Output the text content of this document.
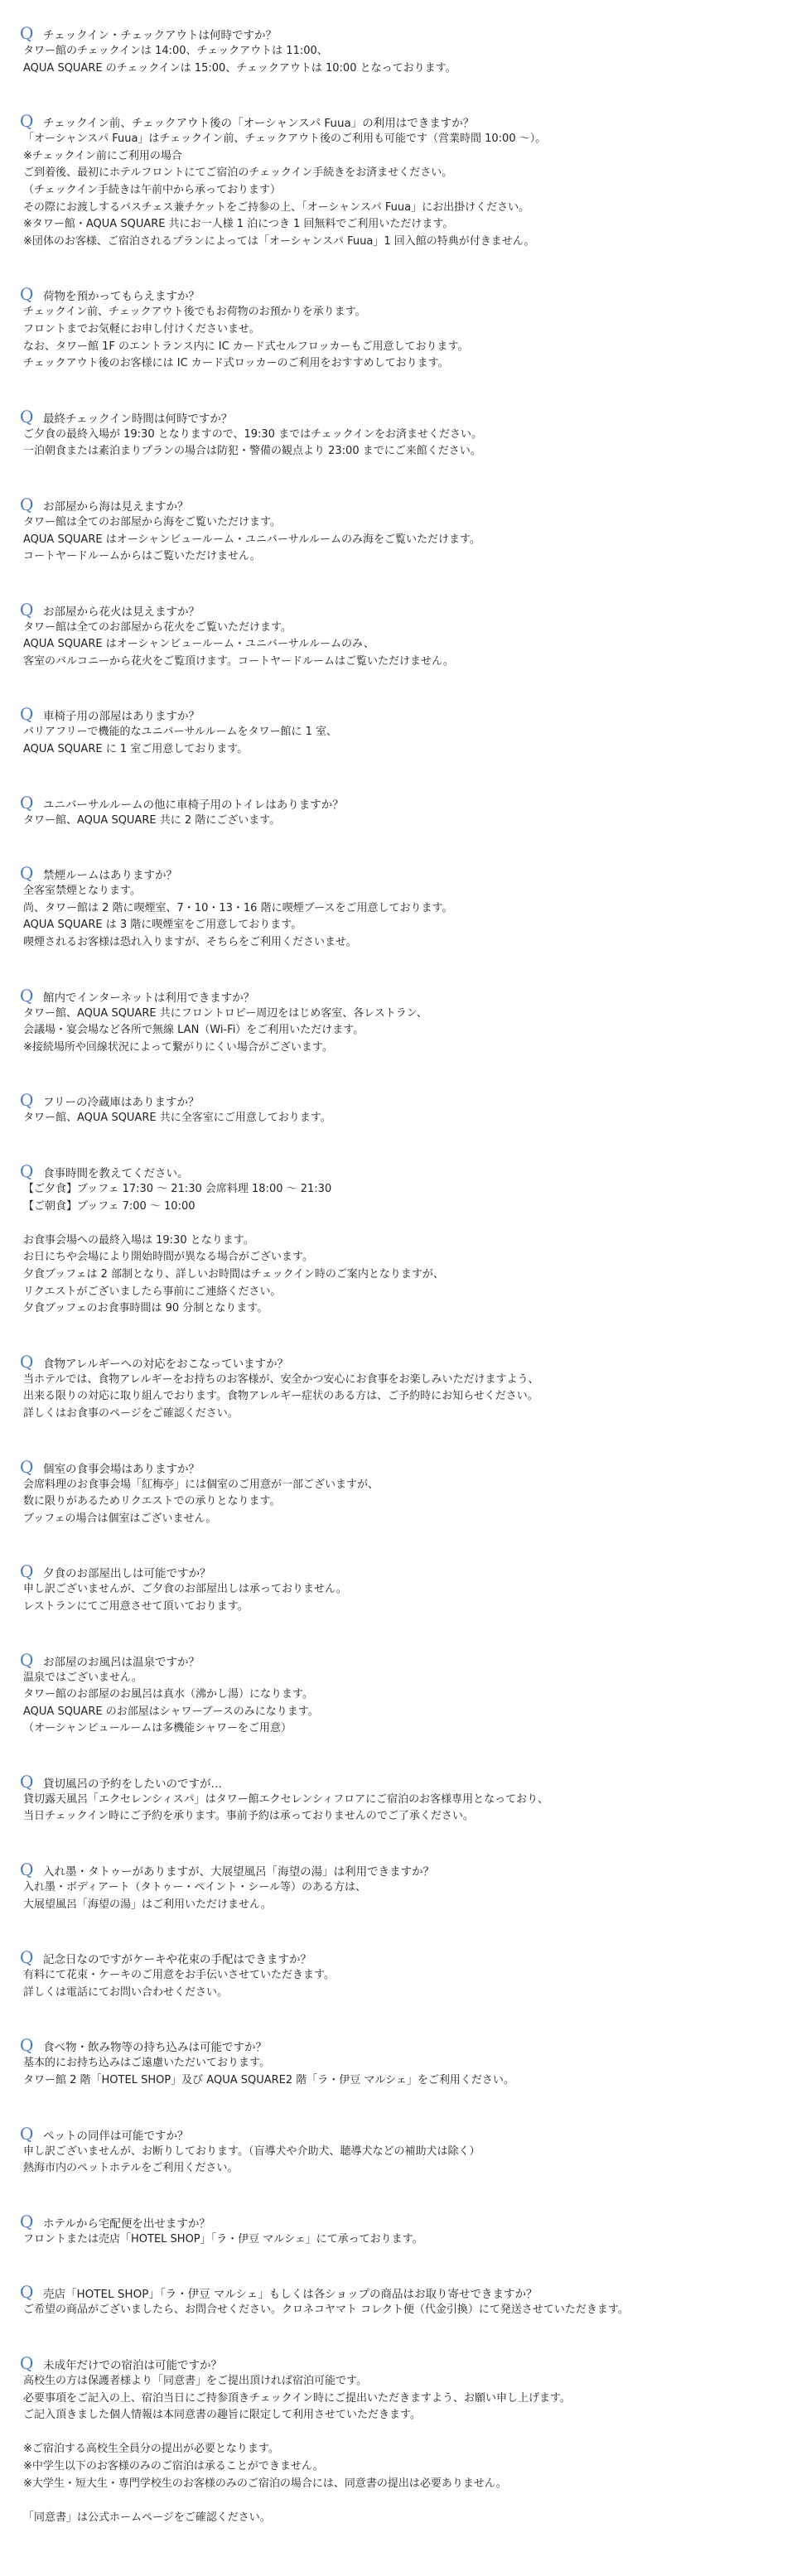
Q チェックイン・チェックアウトは何時ですか？
タワー館のチェックインは 14:00、チェックアウトは 11:00、
AQUA SQUARE のチェックインは 15:00、チェックアウトは 10:00 となっております。
Q チェックイン前、チェックアウト後の「オーシャンスパ Fuua」の利用はできますか？
「オーシャンスパ Fuua」はチェックイン前、チェックアウト後のご利用も可能です（営業時間 10:00 ～）。
※チェックイン前にご利用の場合
ご到着後、最初にホテルフロントにてご宿泊のチェックイン手続きをお済ませください。
（チェックイン手続きは午前中から承っております）
その際にお渡しするバスチェス兼チケットをご持参の上、「オーシャンスパ Fuua」にお出掛けください。
※タワー館・AQUA SQUARE 共にお一人様 1 泊につき 1 回無料でご利用いただけます。
※団体のお客様、ご宿泊されるプランによっては「オーシャンスパ Fuua」1 回入館の特典が付きません。
Q 荷物を預かってもらえますか？
チェックイン前、チェックアウト後でもお荷物のお預かりを承ります。
フロントまでお気軽にお申し付けくださいませ。
なお、タワー館 1F のエントランス内に IC カード式セルフロッカーもご用意しております。
チェックアウト後のお客様には IC カード式ロッカーのご利用をおすすめしております。
Q 最終チェックイン時間は何時ですか？
ご夕食の最終入場が 19:30 となりますので、19:30 まではチェックインをお済ませください。
一泊朝食または素泊まりプランの場合は防犯・警備の観点より 23:00 までにご来館ください。
Q お部屋から海は見えますか？
タワー館は全てのお部屋から海をご覧いただけます。
AQUA SQUARE はオーシャンビュールーム・ユニバーサルルームのみ海をご覧いただけます。
コートヤードルームからはご覧いただけません。
Q お部屋から花火は見えますか？
タワー館は全てのお部屋から花火をご覧いただけます。
AQUA SQUARE はオーシャンビュールーム・ユニバーサルルームのみ、
客室のバルコニーから花火をご覧頂けます。コートヤードルームはご覧いただけません。
Q 車椅子用の部屋はありますか？
バリアフリーで機能的なユニバーサルルームをタワー館に 1 室、
AQUA SQUARE に 1 室ご用意しております。
Q ユニバーサルルームの他に車椅子用のトイレはありますか？
タワー館、AQUA SQUARE 共に 2 階にございます。
Q 禁煙ルームはありますか？
全客室禁煙となります。
尚、タワー館は 2 階に喫煙室、7・10・13・16 階に喫煙ブースをご用意しております。
AQUA SQUARE は 3 階に喫煙室をご用意しております。
喫煙されるお客様は恐れ入りますが、そちらをご利用くださいませ。
Q 館内でインターネットは利用できますか？
タワー館、AQUA SQUARE 共にフロントロビー周辺をはじめ客室、各レストラン、
会議場・宴会場など各所で無線 LAN（Wi-Fi）をご利用いただけます。
※接続場所や回線状況によって繋がりにくい場合がございます。
Q フリーの冷蔵庫はありますか？
タワー館、AQUA SQUARE 共に全客室にご用意しております。
Q 食事時間を教えてください。
【ご夕食】ブッフェ 17:30 ～ 21:30 会席料理 18:00 ～ 21:30
【ご朝食】ブッフェ 7:00 ～ 10:00
お食事会場への最終入場は 19:30 となります。
お日にちや会場により開始時間が異なる場合がございます。
夕食ブッフェは 2 部制となり、詳しいお時間はチェックイン時のご案内となりますが、
リクエストがございましたら事前にご連絡ください。
夕食ブッフェのお食事時間は 90 分制となります。
Q 食物アレルギーへの対応をおこなっていますか？
当ホテルでは、食物アレルギーをお持ちのお客様が、安全かつ安心にお食事をお楽しみいただけますよう、
出来る限りの対応に取り組んでおります。食物アレルギー症状のある方は、ご予約時にお知らせください。
詳しくはお食事のページをご確認ください。
Q 個室の食事会場はありますか？
会席料理のお食事会場「紅梅亭」には個室のご用意が一部ございますが、
数に限りがあるためリクエストでの承りとなります。
ブッフェの場合は個室はございません。
Q 夕食のお部屋出しは可能ですか？
申し訳ございませんが、ご夕食のお部屋出しは承っておりません。
レストランにてご用意させて頂いております。
Q お部屋のお風呂は温泉ですか？
温泉ではございません。
タワー館のお部屋のお風呂は真水（沸かし湯）になります。
AQUA SQUARE のお部屋はシャワーブースのみになります。
（オーシャンビュールームは多機能シャワーをご用意）
Q 貸切風呂の予約をしたいのですが…
貸切露天風呂「エクセレンシィスパ」はタワー館エクセレンシィフロアにご宿泊のお客様専用となっており、
当日チェックイン時にご予約を承ります。事前予約は承っておりませんのでご了承ください。
Q 入れ墨・タトゥーがありますが、大展望風呂「海望の湯」は利用できますか？
入れ墨・ボディアート（タトゥー・ペイント・シール等）のある方は、
大展望風呂「海望の湯」はご利用いただけません。
Q 記念日なのですがケーキや花束の手配はできますか？
有料にて花束・ケーキのご用意をお手伝いさせていただきます。
詳しくは電話にてお問い合わせください。
Q 食べ物・飲み物等の持ち込みは可能ですか？
基本的にお持ち込みはご遠慮いただいております。
タワー館 2 階「HOTEL SHOP」及び AQUA SQUARE2 階「ラ・伊豆 マルシェ」をご利用ください。
Q ペットの同伴は可能ですか？
申し訳ございませんが、お断りしております。（盲導犬や介助犬、聴導犬などの補助犬は除く）
熱海市内のペットホテルをご利用ください。
Q ホテルから宅配便を出せますか？
フロントまたは売店「HOTEL SHOP」「ラ・伊豆 マルシェ」にて承っております。
Q 売店「HOTEL SHOP」「ラ・伊豆 マルシェ」もしくは各ショップの商品はお取り寄せできますか？
ご希望の商品がございましたら、お問合せください。クロネコヤマト コレクト便（代金引換）にて発送させていただきます。
Q 未成年だけでの宿泊は可能ですか？
高校生の方は保護者様より「同意書」をご提出頂ければ宿泊可能です。
必要事項をご記入の上、宿泊当日にご持参頂きチェックイン時にご提出いただきますよう、お願い申し上げます。
ご記入頂きました個人情報は本同意書の趣旨に限定して利用させていただきます。
※ご宿泊する高校生全員分の提出が必要となります。
※中学生以下のお客様のみのご宿泊は承ることができません。
※大学生・短大生・専門学校生のお客様のみのご宿泊の場合には、同意書の提出は必要ありません。
「同意書」は公式ホームページをご確認ください。
